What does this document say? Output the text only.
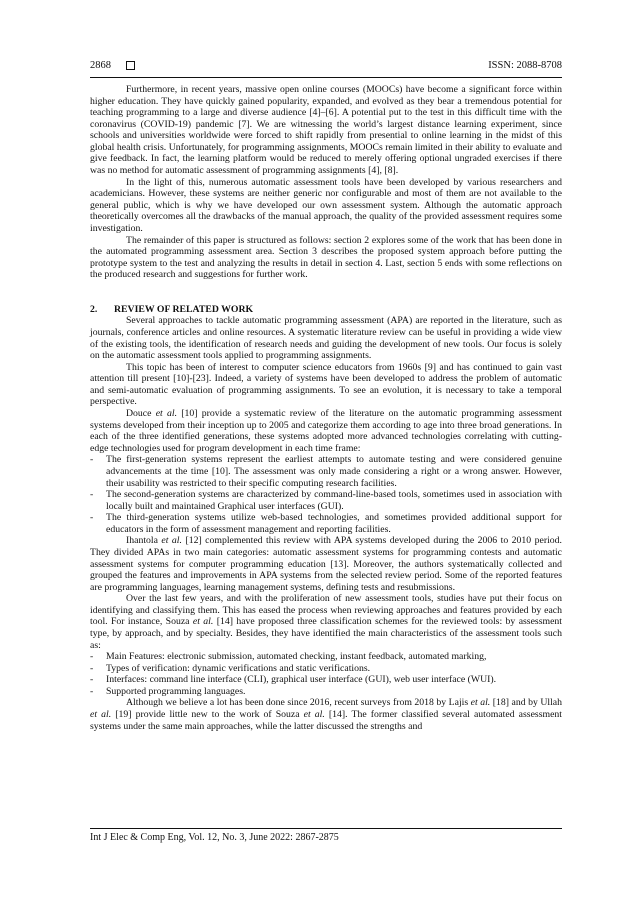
2868	ISSN: 2088-8708

Furthermore, in recent years, massive open online courses (MOOCs) have become a significant force within higher education. They have quickly gained popularity, expanded, and evolved as they bear a tremendous potential for teaching programming to a large and diverse audience [4]–[6]. A potential put to the test in this difficult time with the coronavirus (COVID-19) pandemic [7]. We are witnessing the world’s largest distance learning experiment, since schools and universities worldwide were forced to shift rapidly from presential to online learning in the midst of this global health crisis. Unfortunately, for programming assignments, MOOCs remain limited in their ability to evaluate and give feedback. In fact, the learning platform would be reduced to merely offering optional ungraded exercises if there was no method for automatic assessment of programming assignments [4], [8].

In the light of this, numerous automatic assessment tools have been developed by various researchers and academicians. However, these systems are neither generic nor configurable and most of them are not available to the general public, which is why we have developed our own assessment system. Although the automatic approach theoretically overcomes all the drawbacks of the manual approach, the quality of the provided assessment requires some investigation.

The remainder of this paper is structured as follows: section 2 explores some of the work that has been done in the automated programming assessment area. Section 3 describes the proposed system approach before putting the prototype system to the test and analyzing the results in detail in section 4. Last, section 5 ends with some reflections on the produced research and suggestions for further work.

2. REVIEW OF RELATED WORK

Several approaches to tackle automatic programming assessment (APA) are reported in the literature, such as journals, conference articles and online resources. A systematic literature review can be useful in providing a wide view of the existing tools, the identification of research needs and guiding the development of new tools. Our focus is solely on the automatic assessment tools applied to programming assignments.

This topic has been of interest to computer science educators from 1960s [9] and has continued to gain vast attention till present [10]-[23]. Indeed, a variety of systems have been developed to address the problem of automatic and semi-automatic evaluation of programming assignments. To see an evolution, it is necessary to take a temporal perspective.

Douce et al. [10] provide a systematic review of the literature on the automatic programming assessment systems developed from their inception up to 2005 and categorize them according to age into three broad generations. In each of the three identified generations, these systems adopted more advanced technologies correlating with cutting-edge technologies used for program development in each time frame:

- The first-generation systems represent the earliest attempts to automate testing and were considered genuine advancements at the time [10]. The assessment was only made considering a right or a wrong answer. However, their usability was restricted to their specific computing research facilities.
- The second-generation systems are characterized by command-line-based tools, sometimes used in association with locally built and maintained Graphical user interfaces (GUI).
- The third-generation systems utilize web-based technologies, and sometimes provided additional support for educators in the form of assessment management and reporting facilities.

Ihantola et al. [12] complemented this review with APA systems developed during the 2006 to 2010 period. They divided APAs in two main categories: automatic assessment systems for programming contests and automatic assessment systems for computer programming education [13]. Moreover, the authors systematically collected and grouped the features and improvements in APA systems from the selected review period. Some of the reported features are programming languages, learning management systems, defining tests and resubmissions.

Over the last few years, and with the proliferation of new assessment tools, studies have put their focus on identifying and classifying them. This has eased the process when reviewing approaches and features provided by each tool. For instance, Souza et al. [14] have proposed three classification schemes for the reviewed tools: by assessment type, by approach, and by specialty. Besides, they have identified the main characteristics of the assessment tools such as:

- Main Features: electronic submission, automated checking, instant feedback, automated marking,
- Types of verification: dynamic verifications and static verifications.
- Interfaces: command line interface (CLI), graphical user interface (GUI), web user interface (WUI).
- Supported programming languages.

Although we believe a lot has been done since 2016, recent surveys from 2018 by Lajis et al. [18] and by Ullah et al. [19] provide little new to the work of Souza et al. [14]. The former classified several automated assessment systems under the same main approaches, while the latter discussed the strengths and

Int J Elec & Comp Eng, Vol. 12, No. 3, June 2022: 2867-2875
